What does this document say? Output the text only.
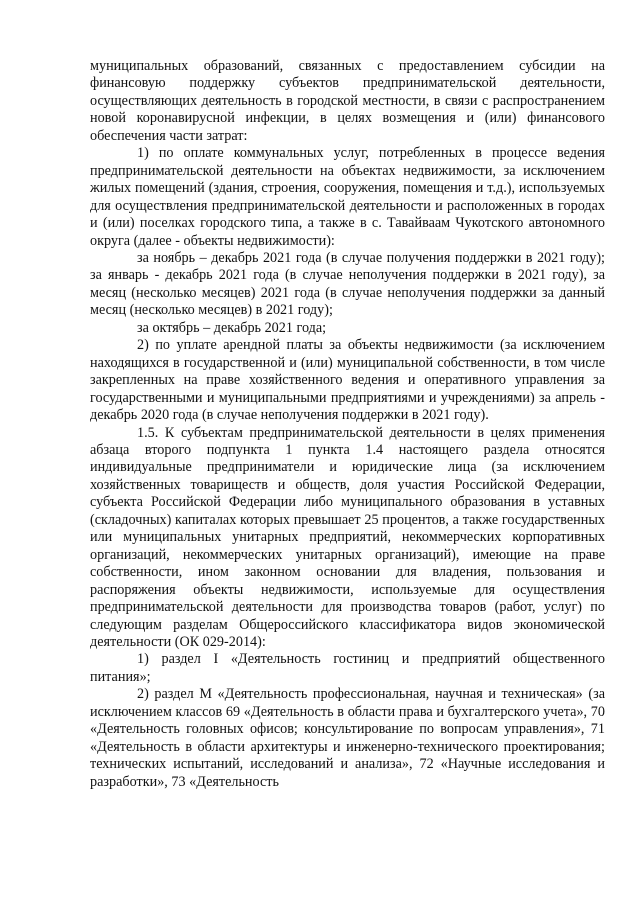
муниципальных образований, связанных с предоставлением субсидии на финансовую поддержку субъектов предпринимательской деятельности, осуществляющих деятельность в городской местности, в связи с распространением новой коронавирусной инфекции, в целях возмещения и (или) финансового обеспечения части затрат:

1) по оплате коммунальных услуг, потребленных в процессе ведения предпринимательской деятельности на объектах недвижимости, за исключением жилых помещений (здания, строения, сооружения, помещения и т.д.), используемых для осуществления предпринимательской деятельности и расположенных в городах и (или) поселках городского типа, а также в с. Тавайваам Чукотского автономного округа (далее - объекты недвижимости):

за ноябрь – декабрь 2021 года (в случае получения поддержки в 2021 году); за январь - декабрь 2021 года (в случае неполучения поддержки в 2021 году), за месяц (несколько месяцев) 2021 года (в случае неполучения поддержки за данный месяц (несколько месяцев) в 2021 году);

за октябрь – декабрь 2021 года;

2) по уплате арендной платы за объекты недвижимости (за исключением находящихся в государственной и (или) муниципальной собственности, в том числе закрепленных на праве хозяйственного ведения и оперативного управления за государственными и муниципальными предприятиями и учреждениями) за апрель - декабрь 2020 года (в случае неполучения поддержки в 2021 году).

1.5. К субъектам предпринимательской деятельности в целях применения абзаца второго подпункта 1 пункта 1.4 настоящего раздела относятся индивидуальные предприниматели и юридические лица (за исключением хозяйственных товариществ и обществ, доля участия Российской Федерации, субъекта Российской Федерации либо муниципального образования в уставных (складочных) капиталах которых превышает 25 процентов, а также государственных или муниципальных унитарных предприятий, некоммерческих корпоративных организаций, некоммерческих унитарных организаций), имеющие на праве собственности, ином законном основании для владения, пользования и распоряжения объекты недвижимости, используемые для осуществления предпринимательской деятельности для производства товаров (работ, услуг) по следующим разделам Общероссийского классификатора видов экономической деятельности (ОК 029-2014):

1) раздел I «Деятельность гостиниц и предприятий общественного питания»;

2) раздел M «Деятельность профессиональная, научная и техническая» (за исключением классов 69 «Деятельность в области права и бухгалтерского учета», 70 «Деятельность головных офисов; консультирование по вопросам управления», 71 «Деятельность в области архитектуры и инженерно-технического проектирования; технических испытаний, исследований и анализа», 72 «Научные исследования и разработки», 73 «Деятельность
